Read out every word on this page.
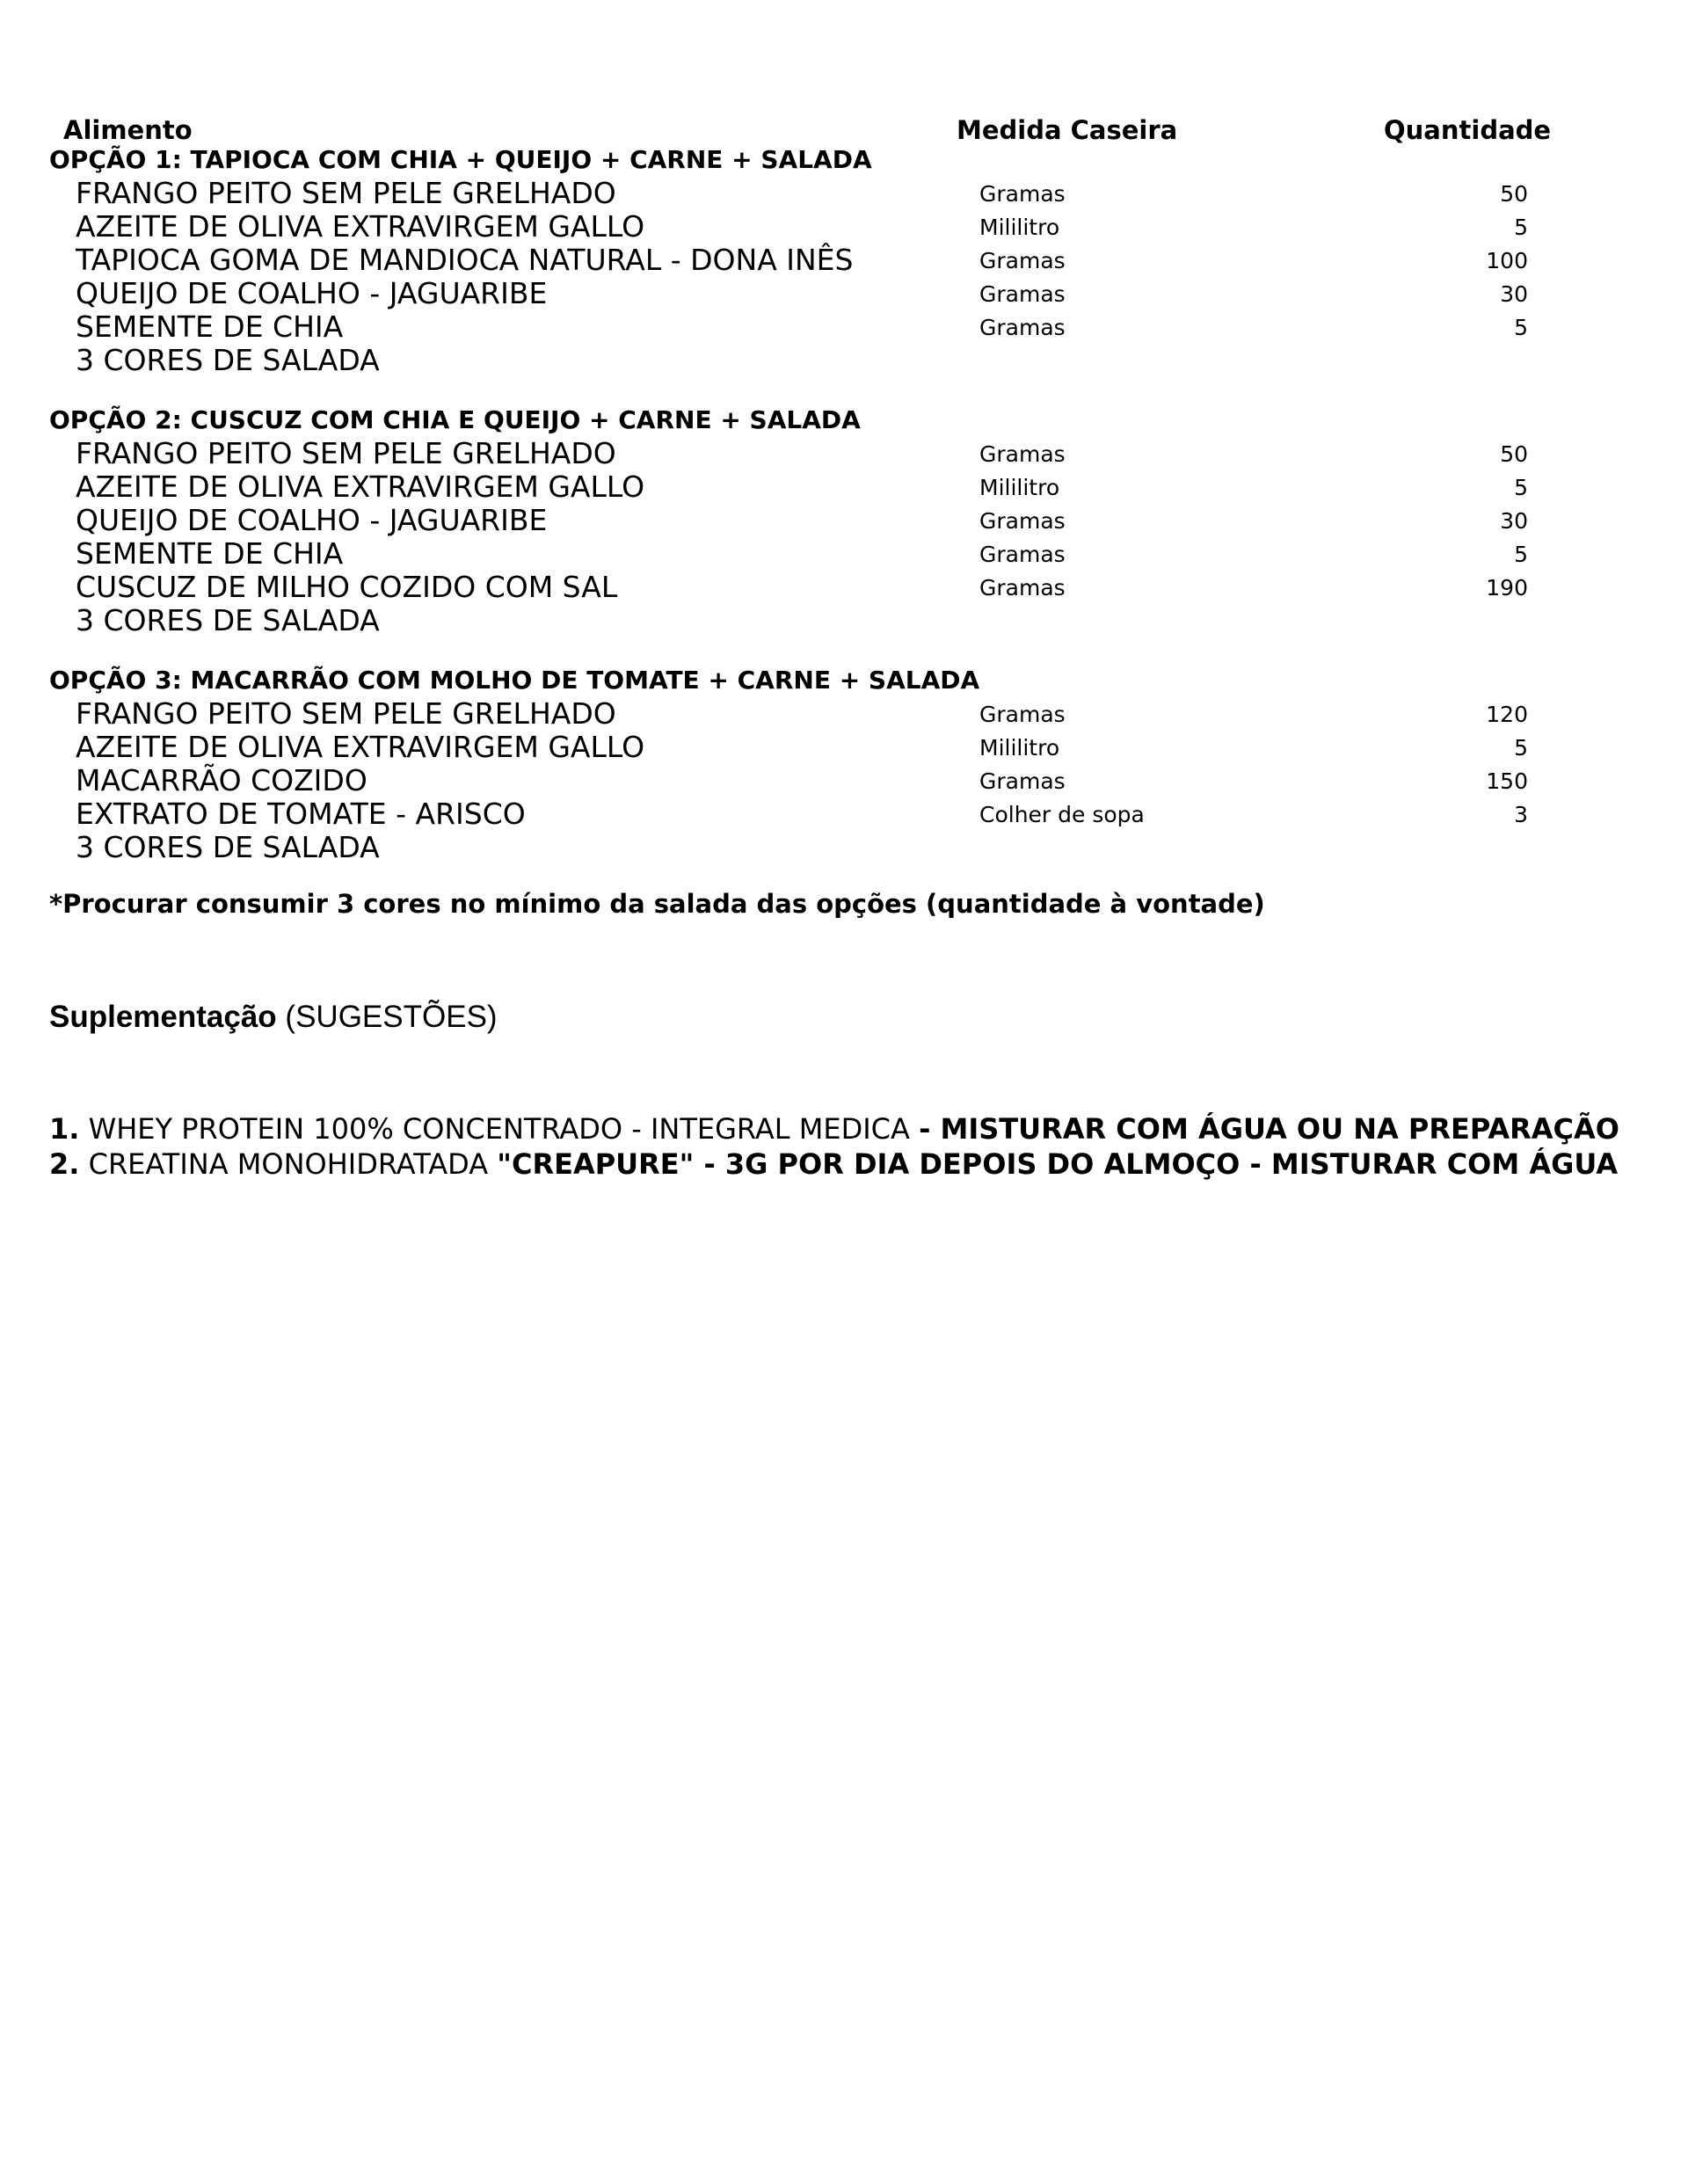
Alimento	Medida Caseira	Quantidade
OPÇÃO 1: TAPIOCA COM CHIA + QUEIJO + CARNE + SALADA
FRANGO PEITO SEM PELE GRELHADO	Gramas	50
AZEITE DE OLIVA EXTRAVIRGEM GALLO	Mililitro	5
TAPIOCA GOMA DE MANDIOCA NATURAL - DONA INÊS	Gramas	100
QUEIJO DE COALHO - JAGUARIBE	Gramas	30
SEMENTE DE CHIA	Gramas	5
3 CORES DE SALADA
OPÇÃO 2: CUSCUZ COM CHIA E QUEIJO + CARNE + SALADA
FRANGO PEITO SEM PELE GRELHADO	Gramas	50
AZEITE DE OLIVA EXTRAVIRGEM GALLO	Mililitro	5
QUEIJO DE COALHO - JAGUARIBE	Gramas	30
SEMENTE DE CHIA	Gramas	5
CUSCUZ DE MILHO COZIDO COM SAL	Gramas	190
3 CORES DE SALADA
OPÇÃO 3: MACARRÃO COM MOLHO DE TOMATE + CARNE + SALADA
FRANGO PEITO SEM PELE GRELHADO	Gramas	120
AZEITE DE OLIVA EXTRAVIRGEM GALLO	Mililitro	5
MACARRÃO COZIDO	Gramas	150
EXTRATO DE TOMATE - ARISCO	Colher de sopa	3
3 CORES DE SALADA
*Procurar consumir 3 cores no mínimo da salada das opções (quantidade à vontade)
Suplementação (SUGESTÕES)
1. WHEY PROTEIN 100% CONCENTRADO - INTEGRAL MEDICA - MISTURAR COM ÁGUA OU NA PREPARAÇÃO
2. CREATINA MONOHIDRATADA "CREAPURE" - 3G POR DIA DEPOIS DO ALMOÇO - MISTURAR COM ÁGUA
